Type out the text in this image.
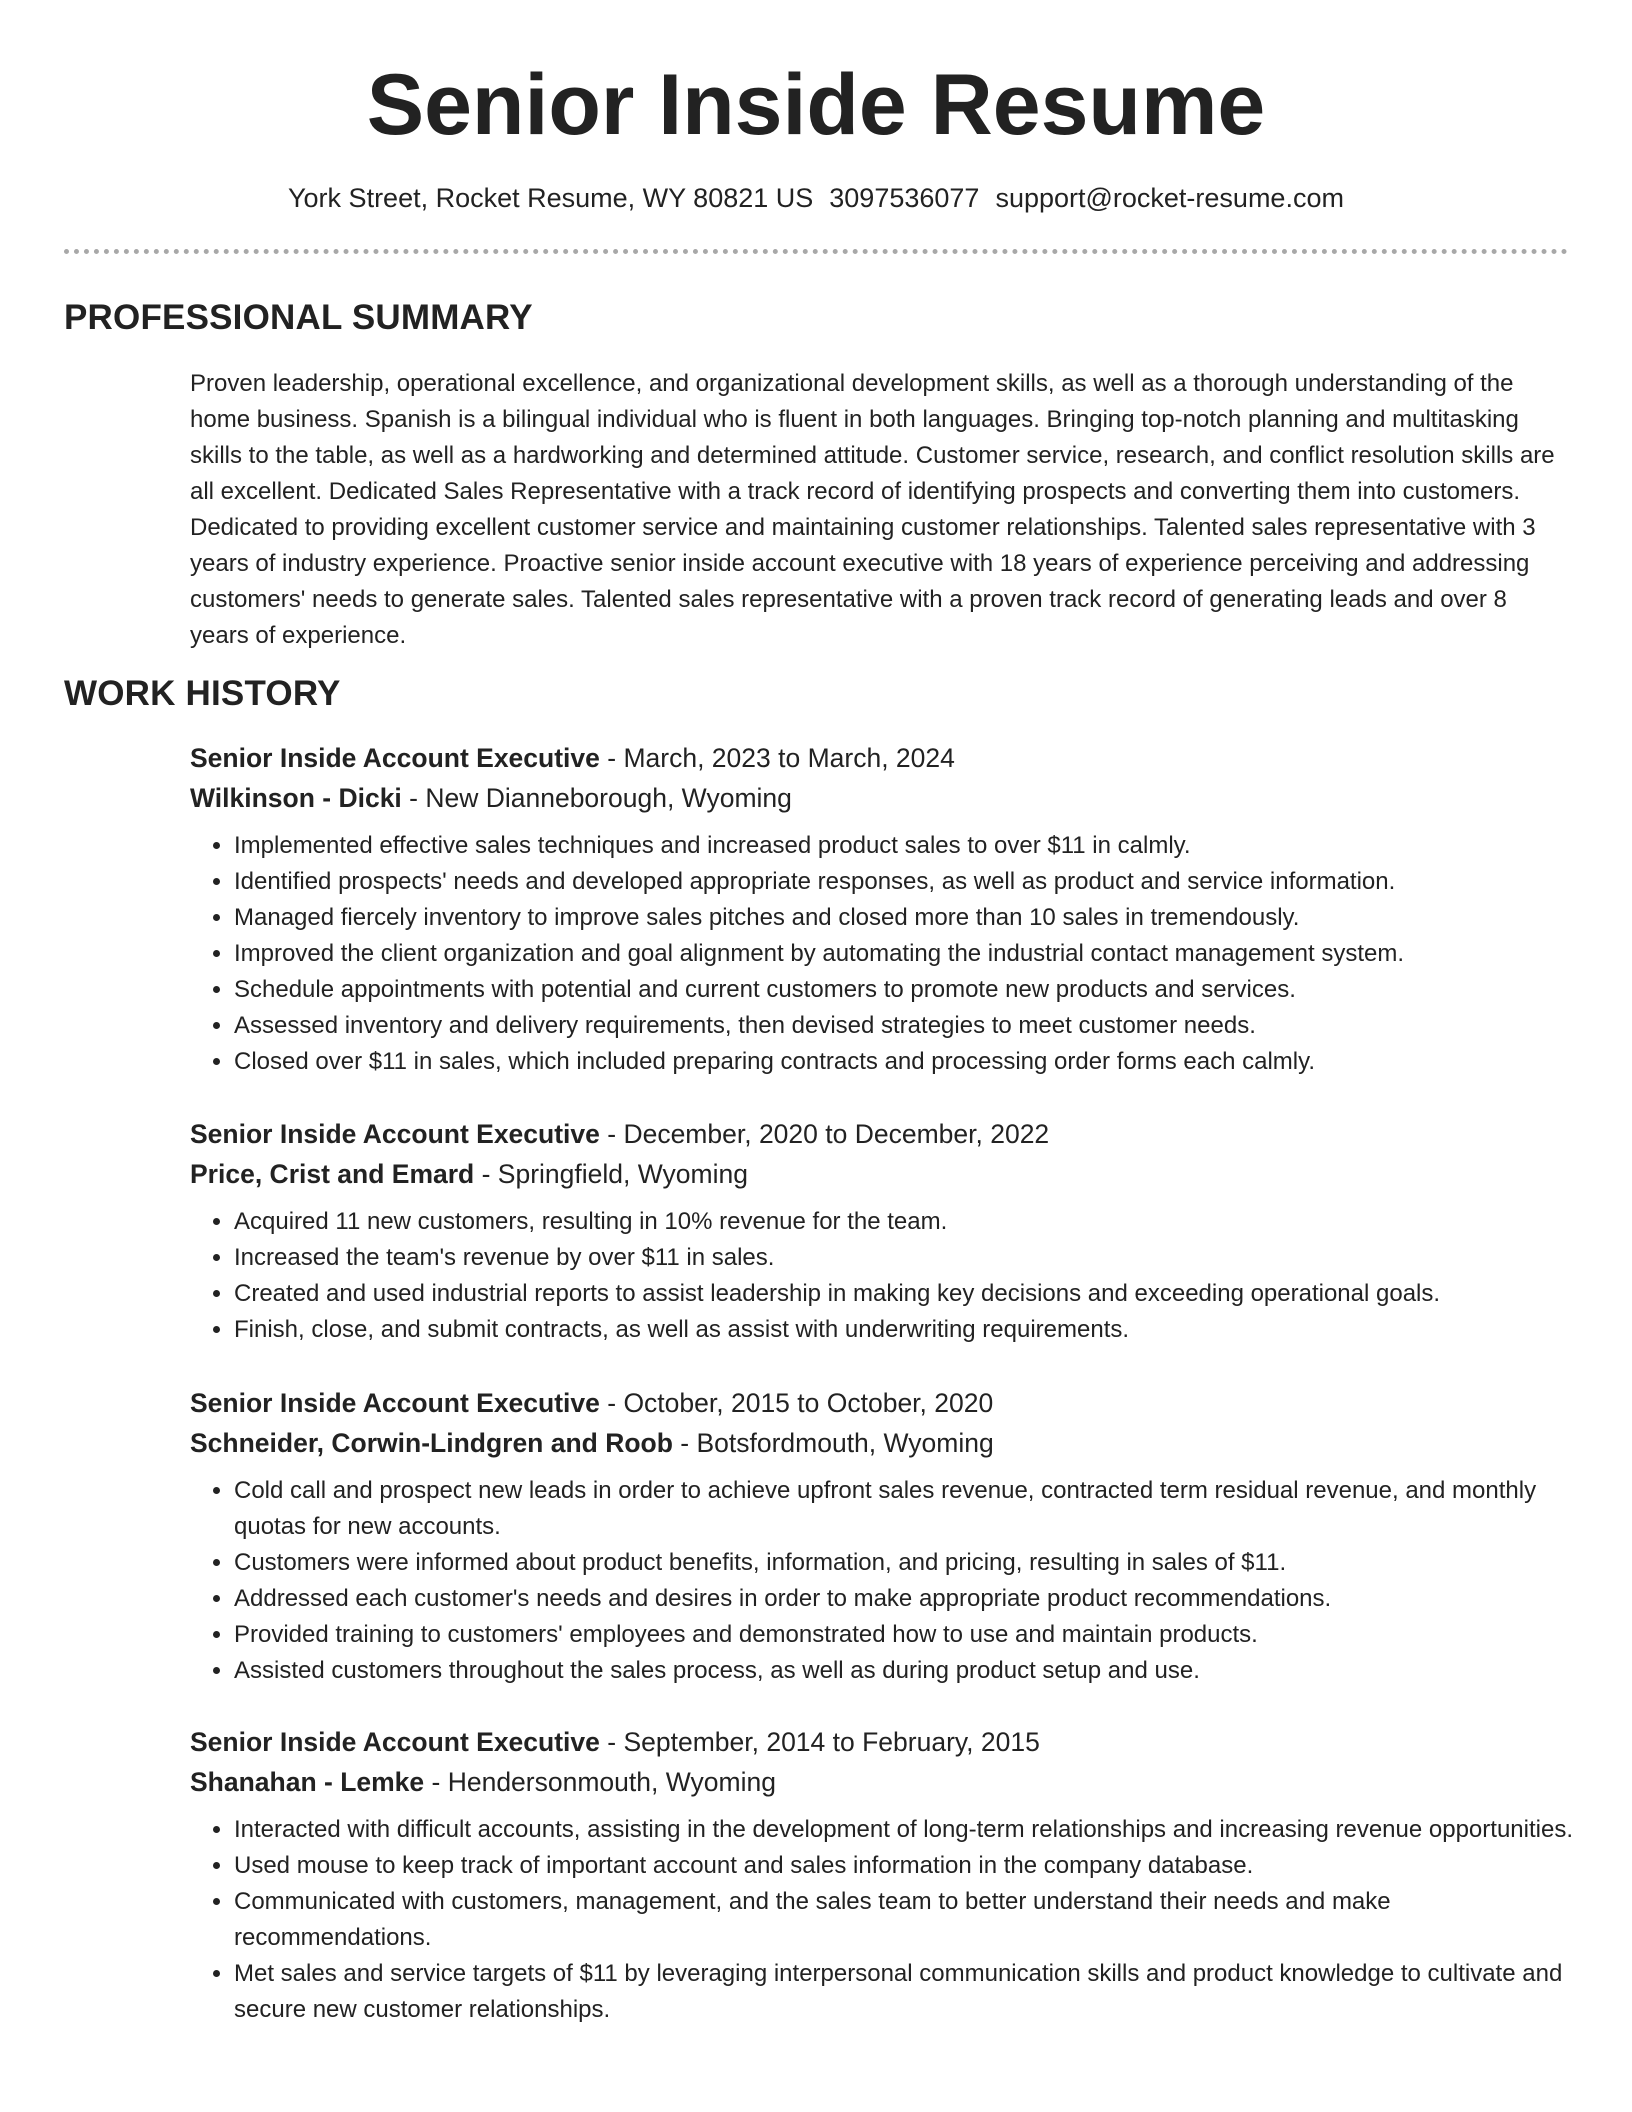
Senior Inside Resume
York Street, Rocket Resume, WY 80821 US 3097536077 support@rocket-resume.com
PROFESSIONAL SUMMARY

Proven leadership, operational excellence, and organizational development skills, as well as a thorough understanding of the home business. Spanish is a bilingual individual who is fluent in both languages. Bringing top-notch planning and multitasking skills to the table, as well as a hardworking and determined attitude. Customer service, research, and conflict resolution skills are all excellent. Dedicated Sales Representative with a track record of identifying prospects and converting them into customers. Dedicated to providing excellent customer service and maintaining customer relationships. Talented sales representative with 3 years of industry experience. Proactive senior inside account executive with 18 years of experience perceiving and addressing customers' needs to generate sales. Talented sales representative with a proven track record of generating leads and over 8 years of experience.

WORK HISTORY
Senior Inside Account Executive - March, 2023 to March, 2024
Wilkinson - Dicki - New Dianneborough, Wyoming
• Implemented effective sales techniques and increased product sales to over $11 in calmly.
• Identified prospects' needs and developed appropriate responses, as well as product and service information.
• Managed fiercely inventory to improve sales pitches and closed more than 10 sales in tremendously.
• Improved the client organization and goal alignment by automating the industrial contact management system.
• Schedule appointments with potential and current customers to promote new products and services.
• Assessed inventory and delivery requirements, then devised strategies to meet customer needs.
• Closed over $11 in sales, which included preparing contracts and processing order forms each calmly.
Senior Inside Account Executive - December, 2020 to December, 2022
Price, Crist and Emard - Springfield, Wyoming
• Acquired 11 new customers, resulting in 10% revenue for the team.
• Increased the team's revenue by over $11 in sales.
• Created and used industrial reports to assist leadership in making key decisions and exceeding operational goals.
• Finish, close, and submit contracts, as well as assist with underwriting requirements.
Senior Inside Account Executive - October, 2015 to October, 2020
Schneider, Corwin-Lindgren and Roob - Botsfordmouth, Wyoming
• Cold call and prospect new leads in order to achieve upfront sales revenue, contracted term residual revenue, and monthly quotas for new accounts.
• Customers were informed about product benefits, information, and pricing, resulting in sales of $11.
• Addressed each customer's needs and desires in order to make appropriate product recommendations.
• Provided training to customers' employees and demonstrated how to use and maintain products.
• Assisted customers throughout the sales process, as well as during product setup and use.
Senior Inside Account Executive - September, 2014 to February, 2015
Shanahan - Lemke - Hendersonmouth, Wyoming
• Interacted with difficult accounts, assisting in the development of long-term relationships and increasing revenue opportunities.
• Used mouse to keep track of important account and sales information in the company database.
• Communicated with customers, management, and the sales team to better understand their needs and make recommendations.
• Met sales and service targets of $11 by leveraging interpersonal communication skills and product knowledge to cultivate and secure new customer relationships.
